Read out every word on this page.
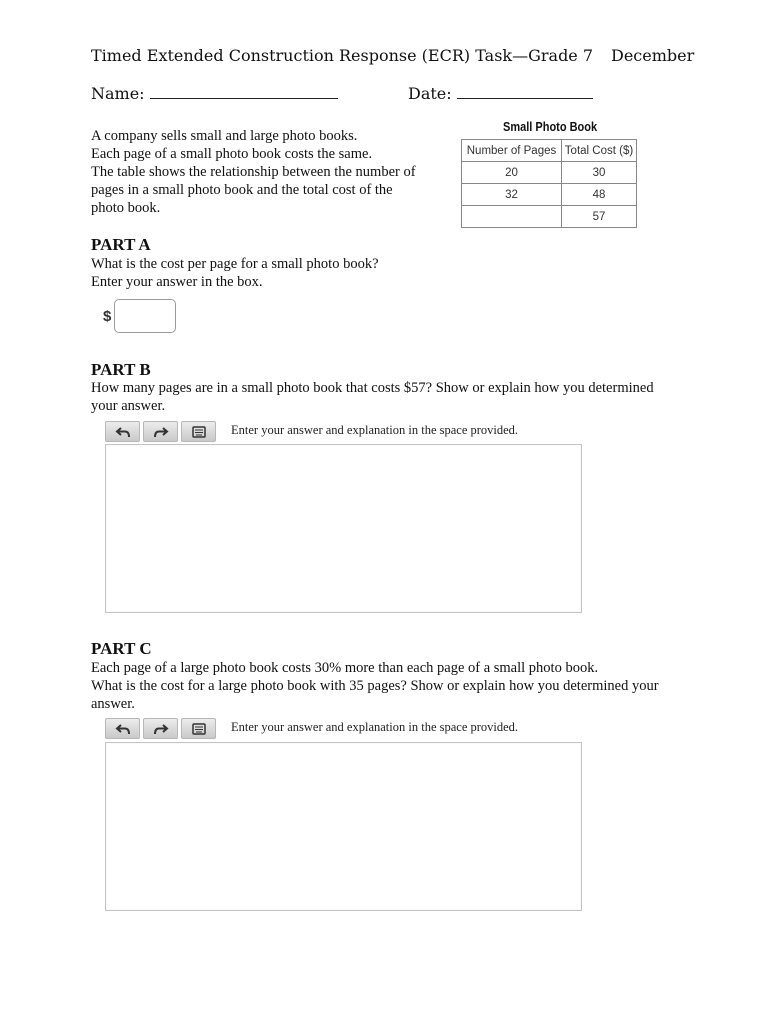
Timed Extended Construction Response (ECR) Task—Grade 7 December
Name:	Date:
A company sells small and large photo books.
Each page of a small photo book costs the same.
The table shows the relationship between the number of
pages in a small photo book and the total cost of the
photo book.
Small Photo Book
Number of Pages	Total Cost ($)
20	30
32	48
	57
PART A
What is the cost per page for a small photo book?
Enter your answer in the box.
$
PART B
How many pages are in a small photo book that costs $57? Show or explain how you determined
your answer.
Enter your answer and explanation in the space provided.
PART C
Each page of a large photo book costs 30% more than each page of a small photo book.
What is the cost for a large photo book with 35 pages? Show or explain how you determined your
answer.
Enter your answer and explanation in the space provided.
